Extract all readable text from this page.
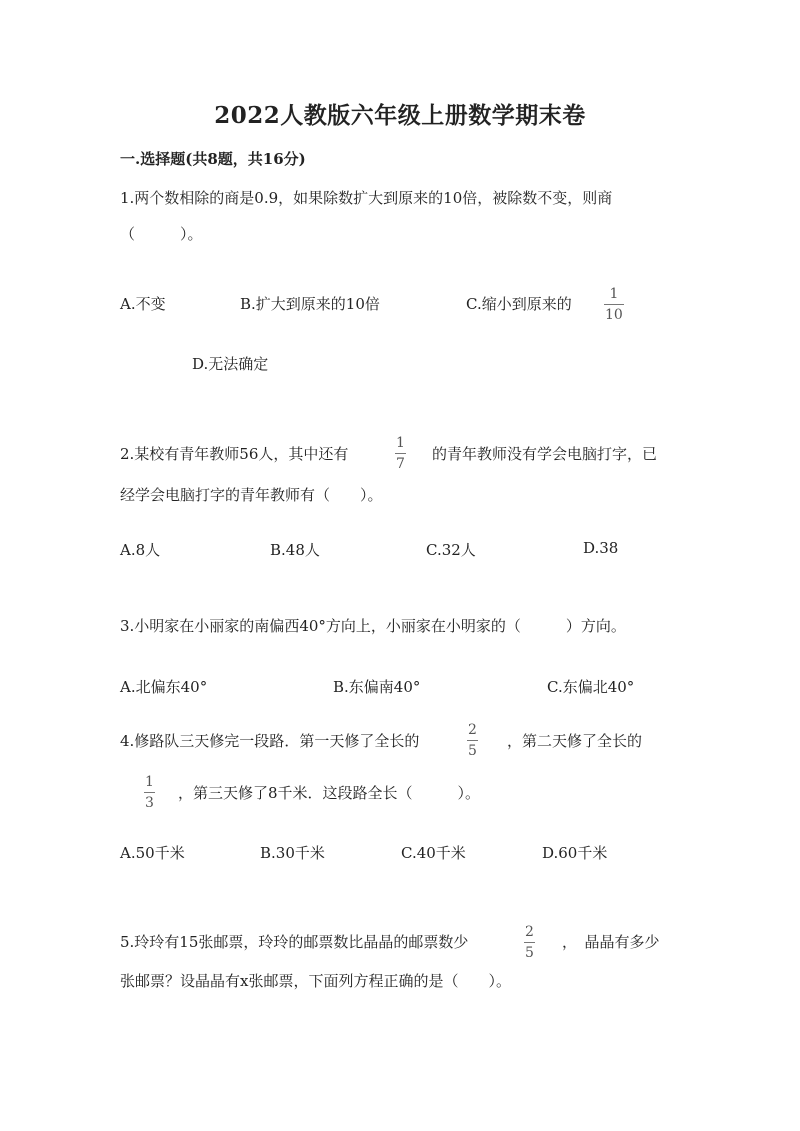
2022人教版六年级上册数学期末卷
一.选择题(共8题，共16分)
1.两个数相除的商是0.9，如果除数扩大到原来的10倍，被除数不变，则商
（　　　）。
A.不变	B.扩大到原来的10倍	C.缩小到原来的
1
10
D.无法确定
2.某校有青年教师56人，其中还有
1
7
的青年教师没有学会电脑打字，已
经学会电脑打字的青年教师有（　　）。
A.8人	B.48人	C.32人	D.38
3.小明家在小丽家的南偏西40°方向上，小丽家在小明家的（　　　）方向。
A.北偏东40°	B.东偏南40°	C.东偏北40°
4.修路队三天修完一段路．第一天修了全长的
2
5
，第二天修了全长的
1
3
，第三天修了8千米．这段路全长（　　　）。
A.50千米	B.30千米	C.40千米	D.60千米
5.玲玲有15张邮票，玲玲的邮票数比晶晶的邮票数少
2
5
，　晶晶有多少
张邮票？设晶晶有x张邮票，下面列方程正确的是（　　）。
